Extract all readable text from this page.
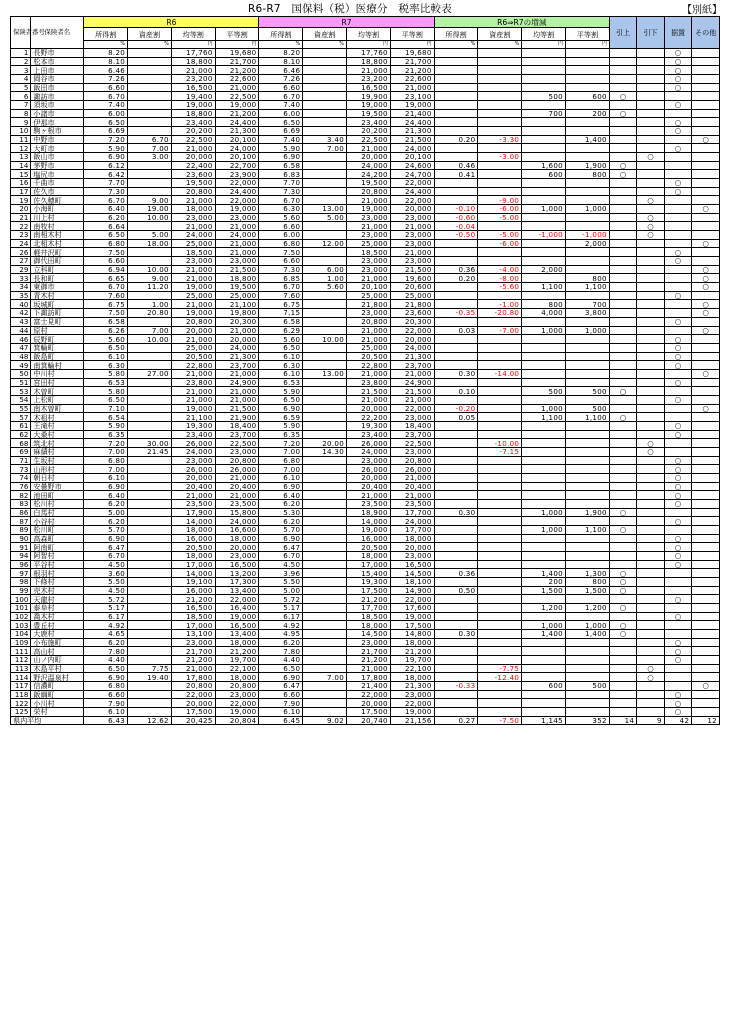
R6-R7　国保料（税）医療分　税率比較表	【別紙】
保険者番号	保険者名	R6				R7				R6⇒R7の増減				引上	引下	据置	その他
		所得割	資産割	均等割	平等割	所得割	資産割	均等割	平等割	所得割	資産割	均等割	平等割				
		%	%	円	円	%	%	円	円	%	%	円	円				
1	長野市	8.20		17,760	19,680	8.20		17,760	19,680							○	
2	松本市	8.10		18,800	21,700	8.10		18,800	21,700							○	
3	上田市	6.46		21,000	21,200	6.46		21,000	21,200							○	
4	岡谷市	7.26		23,200	22,600	7.26		23,200	22,600							○	
5	飯田市	6.60		16,500	21,000	6.60		16,500	21,000							○	
6	諏訪市	6.70		19,400	22,500	6.70		19,900	23,100			500	600	○			
7	須坂市	7.40		19,000	19,000	7.40		19,000	19,000							○	
8	小諸市	6.00		18,800	21,200	6.00		19,500	21,400			700	200	○			
9	伊那市	6.50		23,400	24,400	6.50		23,400	24,400							○	
10	駒ヶ根市	6.69		20,200	21,300	6.69		20,200	21,300							○	
11	中野市	7.20	6.70	22,500	20,100	7.40	3.40	22,500	21,500	0.20	-3.30		1,400				○
12	大町市	5.90	7.00	21,000	24,000	5.90	7.00	21,000	24,000							○	
13	飯山市	6.90	3.00	20,000	20,100	6.90		20,000	20,100		-3.00				○		
14	茅野市	6.12		22,400	22,700	6.58		24,000	24,600	0.46		1,600	1,900	○			
15	塩尻市	6.42		23,600	23,900	6.83		24,200	24,700	0.41		600	800	○			
16	千曲市	7.70		19,500	22,000	7.70		19,500	22,000							○	
17	佐久市	7.30		20,800	24,400	7.30		20,800	24,400							○	
19	佐久穂町	6.70	9.00	21,000	22,000	6.70		21,000	22,000		-9.00				○		
20	小海町	6.40	19.00	18,000	19,000	6.30	13.00	19,000	20,000	-0.10	-6.00	1,000	1,000				○
21	川上村	6.20	10.00	23,000	23,000	5.60	5.00	23,000	23,000	-0.60	-5.00				○		
22	南牧村	6.64		21,000	21,000	6.60		21,000	21,000	-0.04					○		
23	南相木村	6.50	5.00	24,000	24,000	6.00		23,000	23,000	-0.50	-5.00	-1,000	-1,000		○		
24	北相木村	6.80	18.00	25,000	21,000	6.80	12.00	25,000	23,000		-6.00		2,000				○
26	軽井沢町	7.50		18,500	21,000	7.50		18,500	21,000							○	
27	御代田町	6.60		23,000	23,000	6.60		23,000	23,000							○	
29	立科町	6.94	10.00	21,000	21,500	7.30	6.00	23,000	21,500	0.36	-4.00	2,000					○
33	長和町	6.65	9.00	21,000	18,800	6.85	1.00	21,000	19,600	0.20	-8.00		800				○
34	東御市	6.70	11.20	19,000	19,500	6.70	5.60	20,100	20,600		-5.60	1,100	1,100				○
35	青木村	7.60		25,000	25,000	7.60		25,000	25,000							○	
40	坂城町	6.75	1.00	21,000	21,100	6.75		21,800	21,800		-1.00	800	700				○
42	下諏訪町	7.50	20.80	19,000	19,800	7.15		23,000	23,600	-0.35	-20.80	4,000	3,800				○
43	富士見町	6.58		20,800	20,300	6.58		20,800	20,300							○	
44	原村	6.26	7.00	20,000	21,000	6.29		21,000	22,000	0.03	-7.00	1,000	1,000				○
46	辰野町	5.60	10.00	21,000	20,000	5.60	10.00	21,000	20,000							○	
47	箕輪町	6.50		25,000	24,000	6.50		25,000	24,000							○	
48	飯島町	6.10		20,500	21,300	6.10		20,500	21,300							○	
49	南箕輪村	6.30		22,800	23,700	6.30		22,800	23,700							○	
50	中川村	5.80	27.00	21,000	21,000	6.10	13.00	21,000	21,000	0.30	-14.00						○
51	宮田村	6.53		23,800	24,900	6.53		23,800	24,900							○	
53	木曽町	5.80		21,000	21,000	5.90		21,500	21,500	0.10		500	500	○			
54	上松町	6.50		21,000	21,000	6.50		21,000	21,000							○	
55	南木曽町	7.10		19,000	21,500	6.90		20,000	22,000	-0.20		1,000	500				○
57	木祖村	6.54		21,100	21,900	6.59		22,200	23,000	0.05		1,100	1,100	○			
61	王滝村	5.90		19,300	18,400	5.90		19,300	18,400							○	
62	大桑村	6.35		23,400	23,700	6.35		23,400	23,700							○	
68	筑北村	7.20	30.00	26,000	22,500	7.20	20.00	26,000	22,500		-10.00				○		
69	麻績村	7.00	21.45	24,000	23,000	7.00	14.30	24,000	23,000		-7.15				○		
71	生坂村	6.80		23,000	20,800	6.80		23,000	20,800							○	
73	山形村	7.00		26,000	26,000	7.00		26,000	26,000							○	
74	朝日村	6.10		20,000	21,000	6.10		20,000	21,000							○	
76	安曇野市	6.90		20,400	20,400	6.90		20,400	20,400							○	
82	池田町	6.40		21,000	21,000	6.40		21,000	21,000							○	
83	松川村	6.20		23,500	23,500	6.20		23,500	23,500							○	
86	白馬村	5.00		17,900	15,800	5.30		18,900	17,700	0.30		1,000	1,900	○			
87	小谷村	6.20		14,000	24,000	6.20		14,000	24,000							○	
89	松川町	5.70		18,000	16,600	5.70		19,000	17,700			1,000	1,100	○			
90	高森町	6.90		16,000	18,000	6.90		16,000	18,000							○	
91	阿南町	6.47		20,500	20,000	6.47		20,500	20,000							○	
94	阿智村	6.70		18,000	23,000	6.70		18,000	23,000							○	
96	平谷村	4.50		17,000	16,500	4.50		17,000	16,500							○	
97	根羽村	3.60		14,000	13,200	3.96		15,400	14,500	0.36		1,400	1,300	○			
98	下條村	5.50		19,100	17,300	5.50		19,300	18,100			200	800	○			
99	売木村	4.50		16,000	13,400	5.00		17,500	14,900	0.50		1,500	1,500	○			
100	天龍村	5.72		21,200	22,000	5.72		21,200	22,000							○	
101	泰阜村	5.17		16,500	16,400	5.17		17,700	17,600			1,200	1,200	○			
102	喬木村	6.17		18,500	19,000	6.17		18,500	19,000							○	
103	豊丘村	4.92		17,000	16,500	4.92		18,000	17,500			1,000	1,000	○			
104	大鹿村	4.65		13,100	13,400	4.95		14,500	14,800	0.30		1,400	1,400	○			
109	小布施町	6.20		23,000	18,000	6.20		23,000	18,000							○	
111	高山村	7.80		21,700	21,200	7.80		21,700	21,200							○	
112	山ノ内町	4.40		21,200	19,700	4.40		21,200	19,700							○	
113	木島平村	6.50	7.75	21,000	22,100	6.50		21,000	22,100		-7.75				○		
114	野沢温泉村	6.90	19.40	17,800	18,000	6.90	7.00	17,800	18,000		-12.40				○		
117	信濃町	6.80		20,800	20,800	6.47		21,400	21,300	-0.33		600	500				○
118	飯綱町	6.60		22,000	23,000	6.60		22,000	23,000							○	
122	小川村	7.90		20,000	22,000	7.90		20,000	22,000							○	
125	栄村	6.10		17,500	19,000	6.10		17,500	19,000							○	
県内平均		6.43	12.62	20,425	20,804	6.45	9.02	20,740	21,156	0.27	-7.50	1,145	352	14	9	42	12
